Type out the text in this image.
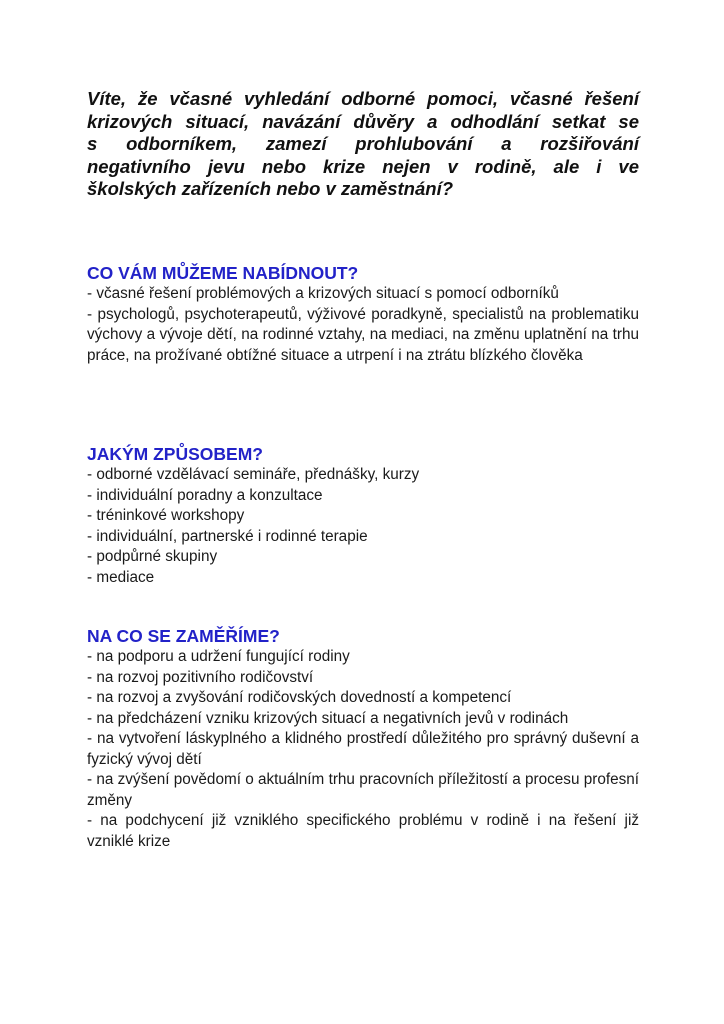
Víte, že včasné vyhledání odborné pomoci, včasné řešení
krizových situací, navázání důvěry a odhodlání setkat se
s odborníkem, zamezí prohlubování a rozšiřování
negativního jevu nebo krize nejen v rodině, ale i ve
školských zařízeních nebo v zaměstnání?

CO VÁM MŮŽEME NABÍDNOUT?
- včasné řešení problémových a krizových situací s pomocí odborníků
- psychologů, psychoterapeutů, výživové poradkyně, specialistů na problematiku výchovy a vývoje dětí, na rodinné vztahy, na mediaci, na změnu uplatnění na trhu práce, na prožívané obtížné situace a utrpení i na ztrátu blízkého člověka
JAKÝM ZPŮSOBEM?
- odborné vzdělávací semináře, přednášky, kurzy
- individuální poradny a konzultace
- tréninkové workshopy
- individuální, partnerské i rodinné terapie
- podpůrné skupiny
- mediace
NA CO SE ZAMĚŘÍME?
- na podporu a udržení fungující rodiny
- na rozvoj pozitivního rodičovství
- na rozvoj a zvyšování rodičovských dovedností a kompetencí
- na předcházení vzniku krizových situací a negativních jevů v rodinách
- na vytvoření láskyplného a klidného prostředí důležitého pro správný duševní a fyzický vývoj dětí
- na zvýšení povědomí o aktuálním trhu pracovních příležitostí a procesu profesní změny
- na podchycení již vzniklého specifického problému v rodině i na řešení již vzniklé krize
